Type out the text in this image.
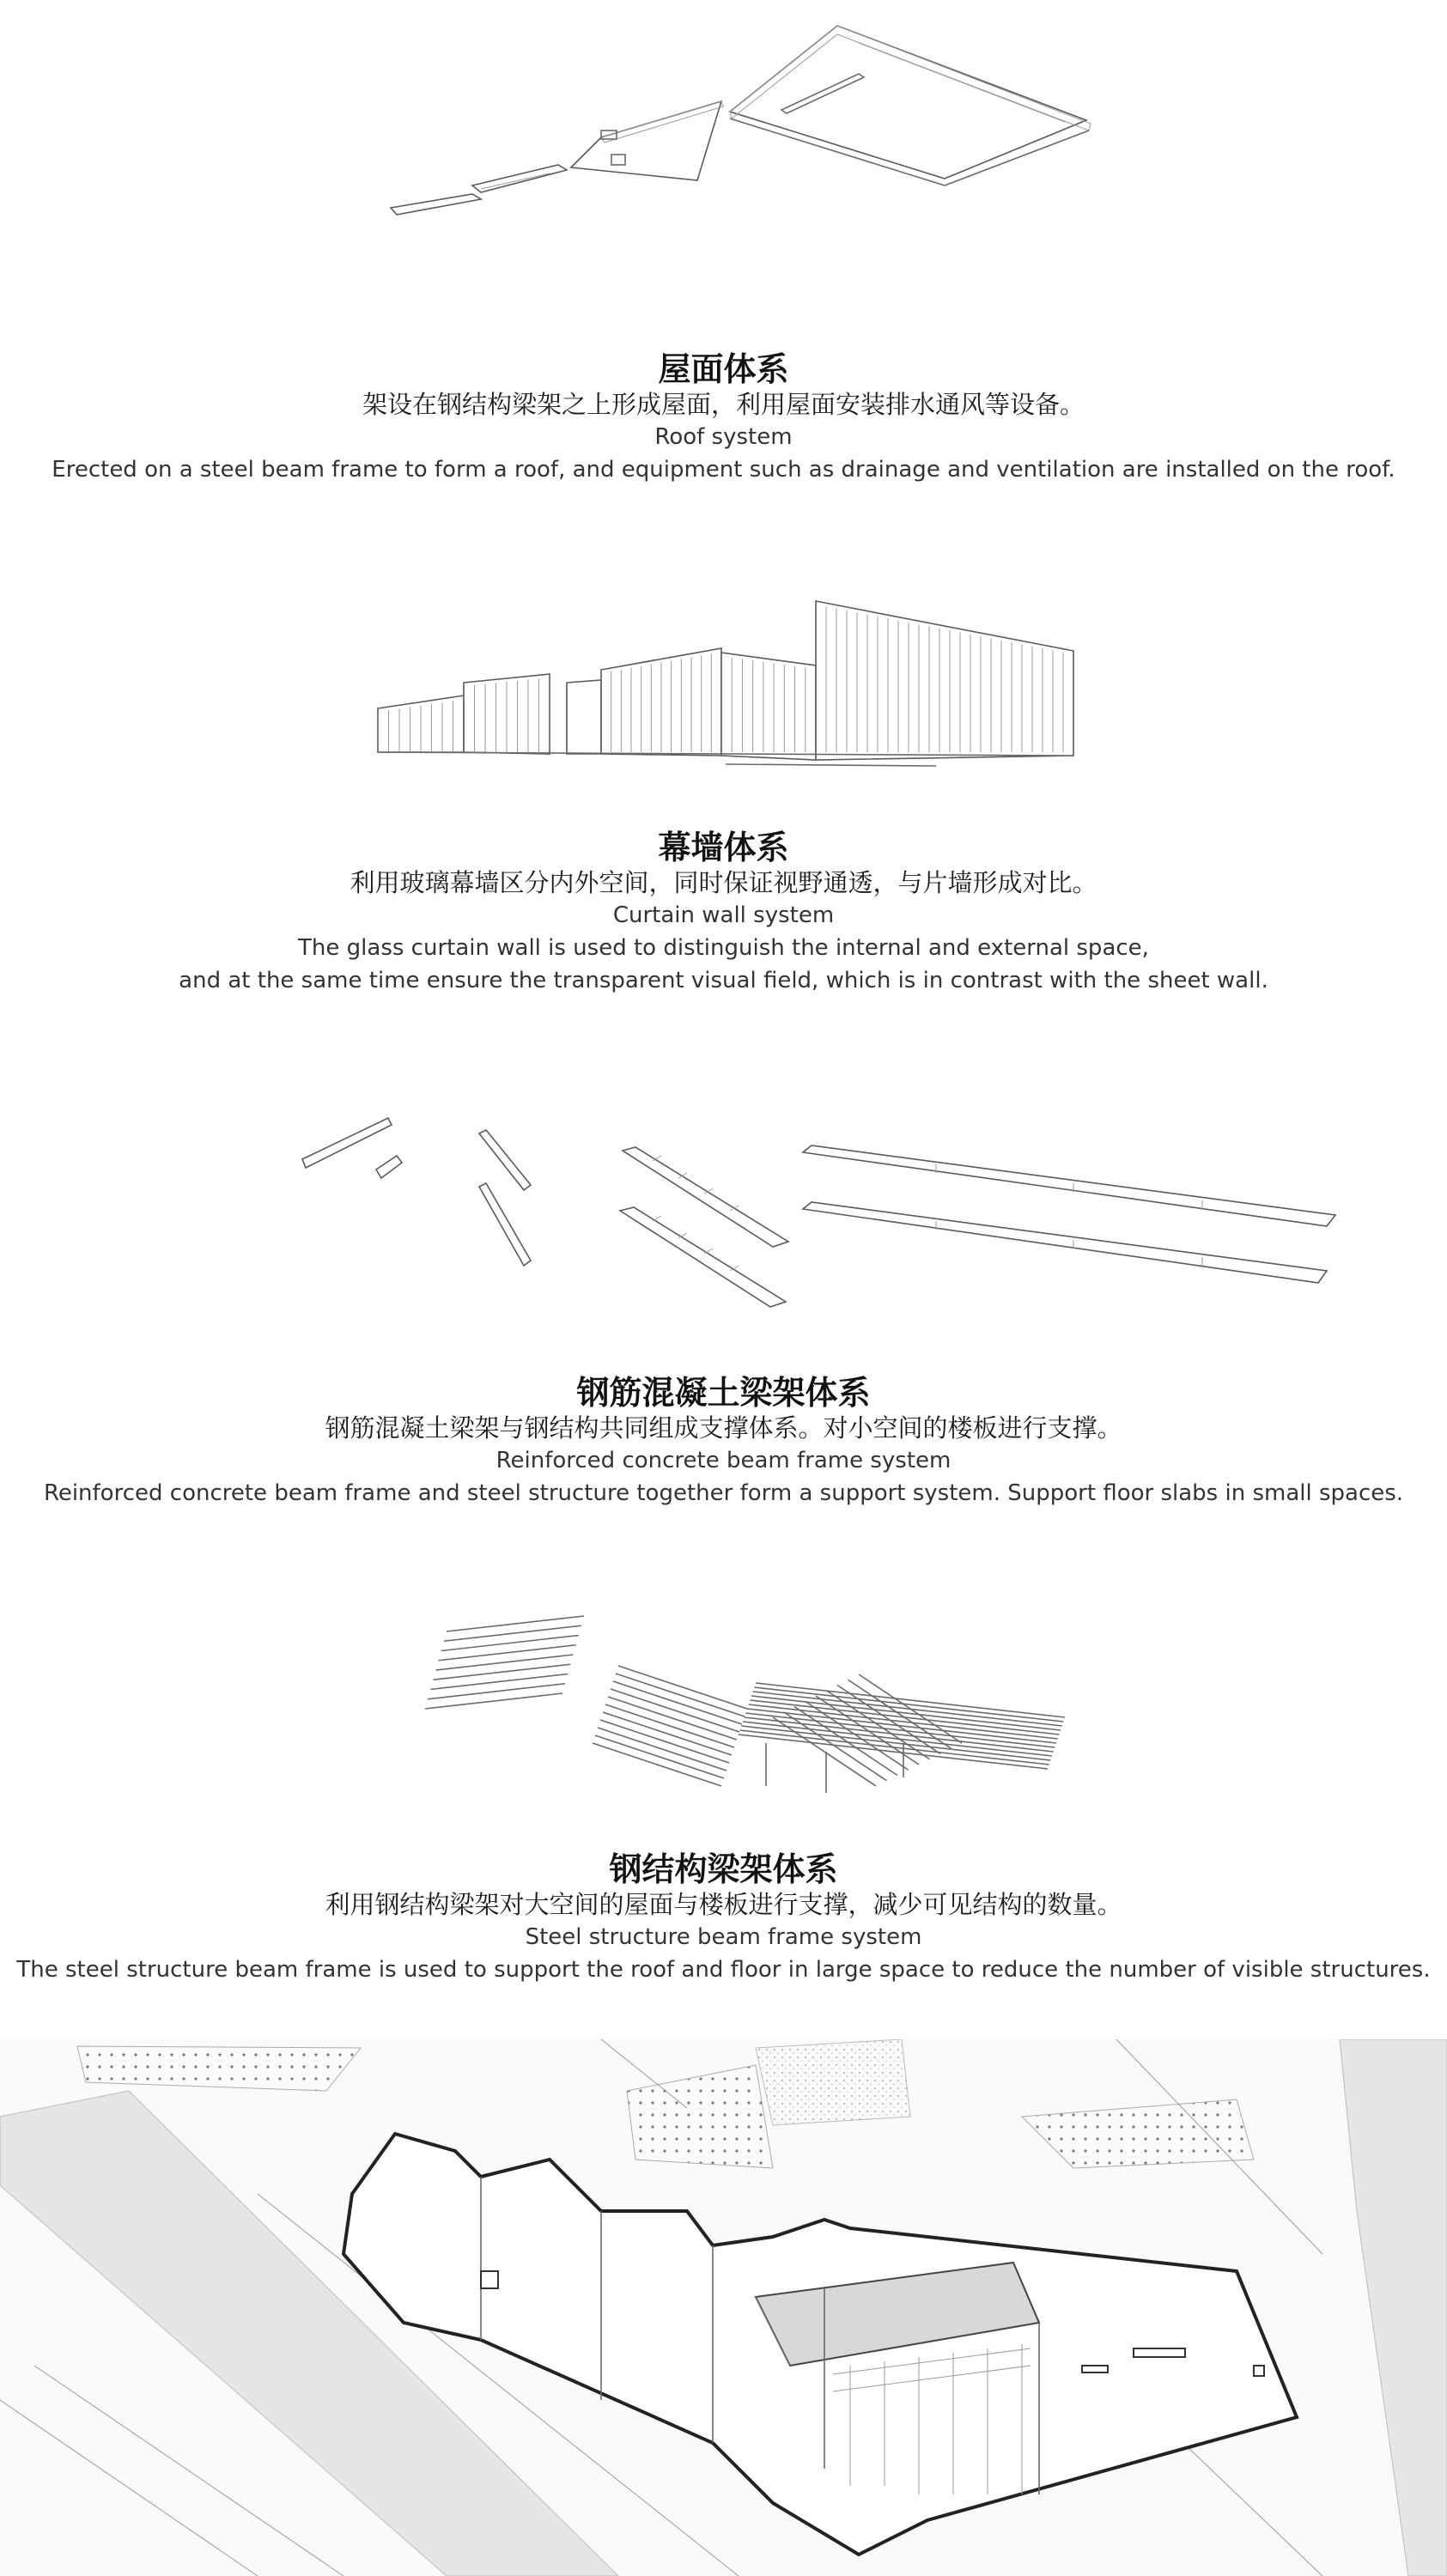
屋面体系
架设在钢结构梁架之上形成屋面，利用屋面安装排水通风等设备。
Roof system
Erected on a steel beam frame to form a roof, and equipment such as drainage and ventilation are installed on the roof.
幕墙体系
利用玻璃幕墙区分内外空间，同时保证视野通透，与片墙形成对比。
Curtain wall system
The glass curtain wall is used to distinguish the internal and external space,
and at the same time ensure the transparent visual field, which is in contrast with the sheet wall.
钢筋混凝土梁架体系
钢筋混凝土梁架与钢结构共同组成支撑体系。对小空间的楼板进行支撑。
Reinforced concrete beam frame system
Reinforced concrete beam frame and steel structure together form a support system. Support floor slabs in small spaces.
钢结构梁架体系
利用钢结构梁架对大空间的屋面与楼板进行支撑，减少可见结构的数量。
Steel structure beam frame system
The steel structure beam frame is used to support the roof and floor in large space to reduce the number of visible structures.
